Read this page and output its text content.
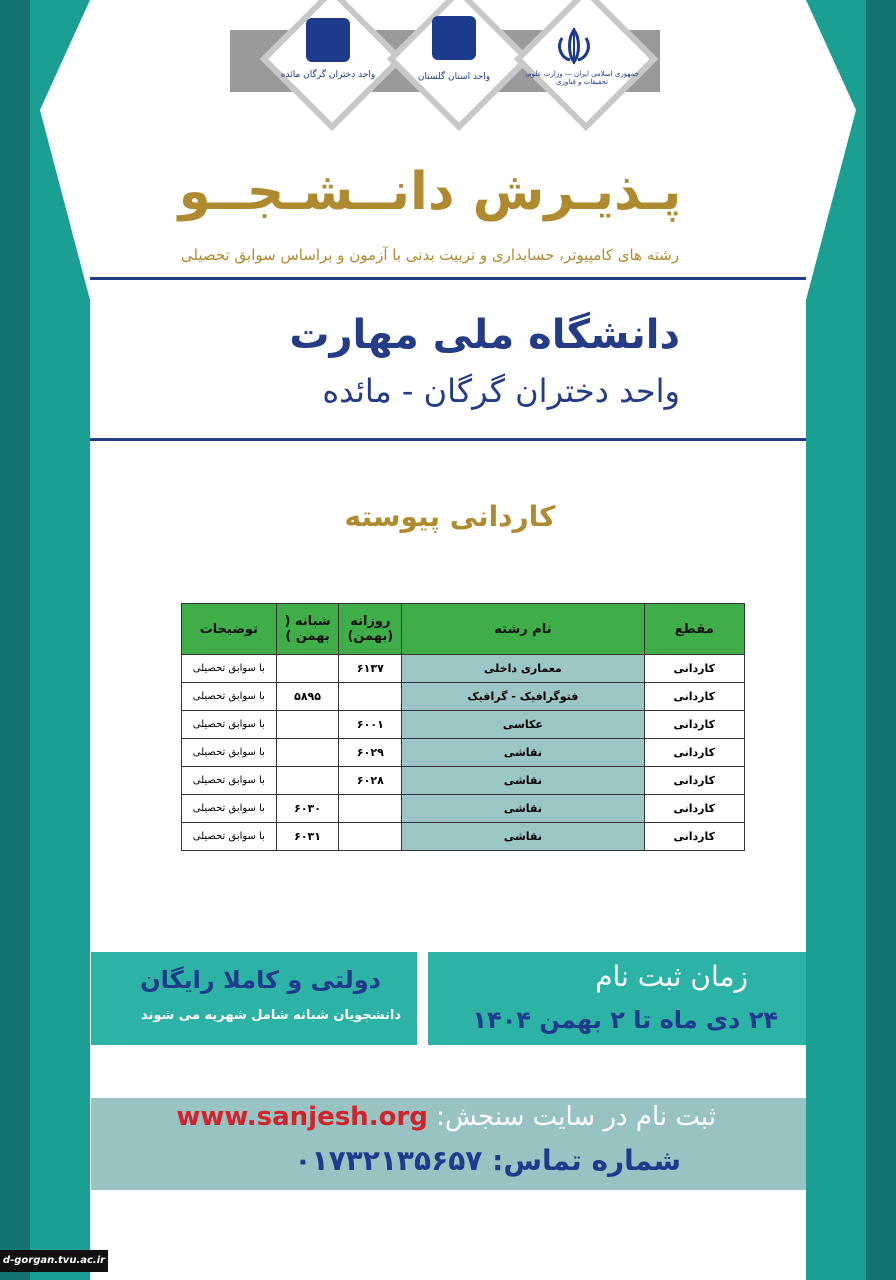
واحد دختران گرگان مائده	واحد استان گلستان	جمهوری اسلامی ایران — وزارت علوم، تحقیقات و فناوری
پـذیـرش دانــشـجــو
رشته های کامپیوتر، حسابداری و تربیت بدنی با آزمون و براساس سوابق تحصیلی
دانشگاه ملی مهارت
واحد دختران گرگان - مائده
کاردانی پیوسته
مقطع	نام رشته	روزانه (بهمن)	شبانه ( بهمن )	توضیحات
کاردانی	معماری داخلی	۶۱۳۷		با سوابق تحصیلی
کاردانی	فتوگرافیک - گرافیک		۵۸۹۵	با سوابق تحصیلی
کاردانی	عکاسی	۶۰۰۱		با سوابق تحصیلی
کاردانی	نقاشی	۶۰۲۹		با سوابق تحصیلی
کاردانی	نقاشی	۶۰۲۸		با سوابق تحصیلی
کاردانی	نقاشی		۶۰۳۰	با سوابق تحصیلی
کاردانی	نقاشی		۶۰۳۱	با سوابق تحصیلی
زمان ثبت نام
۲۴ دی ماه تا ۲ بهمن ۱۴۰۴
دولتی و کاملا رایگان
دانشجویان شبانه شامل شهریه می شوند
ثبت نام در سایت سنجش: www.sanjesh.org
شماره تماس: ۰۱۷۳۲۱۳۵۶۵۷
d-gorgan.tvu.ac.ir
